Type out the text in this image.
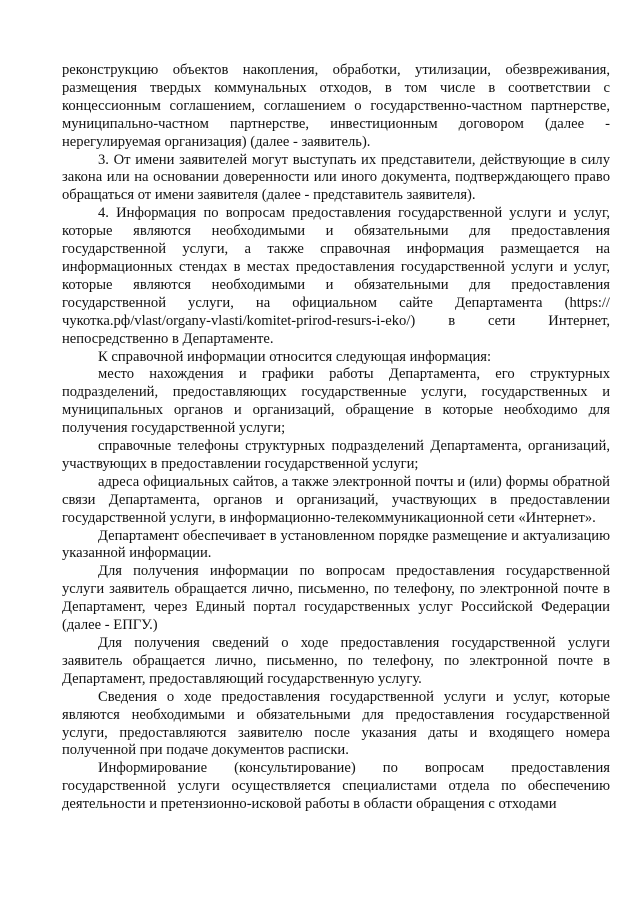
реконструкцию объектов накопления, обработки, утилизации, обезвреживания, размещения твердых коммунальных отходов, в том числе в соответствии с концессионным соглашением, соглашением о государственно-частном партнерстве, муниципально-частном партнерстве, инвестиционным договором (далее - нерегулируемая организация) (далее - заявитель).

3. От имени заявителей могут выступать их представители, действующие в силу закона или на основании доверенности или иного документа, подтверждающего право обращаться от имени заявителя (далее - представитель заявителя).

4. Информация по вопросам предоставления государственной услуги и услуг, которые являются необходимыми и обязательными для предоставления государственной услуги, а также справочная информация размещается на информационных стендах в местах предоставления государственной услуги и услуг, которые являются необходимыми и обязательными для предоставления государственной услуги, на официальном сайте Департамента (https://чукотка.рф/vlast/organy-vlasti/komitet-prirod-resurs-i-eko/) в сети Интернет, непосредственно в Департаменте.

К справочной информации относится следующая информация:

место нахождения и графики работы Департамента, его структурных подразделений, предоставляющих государственные услуги, государственных и муниципальных органов и организаций, обращение в которые необходимо для получения государственной услуги;

справочные телефоны структурных подразделений Департамента, организаций, участвующих в предоставлении государственной услуги;

адреса официальных сайтов, а также электронной почты и (или) формы обратной связи Департамента, органов и организаций, участвующих в предоставлении государственной услуги, в информационно-телекоммуникационной сети «Интернет».

Департамент обеспечивает в установленном порядке размещение и актуализацию указанной информации.

Для получения информации по вопросам предоставления государственной услуги заявитель обращается лично, письменно, по телефону, по электронной почте в Департамент, через Единый портал государственных услуг Российской Федерации (далее - ЕПГУ.)

Для получения сведений о ходе предоставления государственной услуги заявитель обращается лично, письменно, по телефону, по электронной почте в Департамент, предоставляющий государственную услугу.

Сведения о ходе предоставления государственной услуги и услуг, которые являются необходимыми и обязательными для предоставления государственной услуги, предоставляются заявителю после указания даты и входящего номера полученной при подаче документов расписки.

Информирование (консультирование) по вопросам предоставления государственной услуги осуществляется специалистами отдела по обеспечению деятельности и претензионно-исковой работы в области обращения с отходами
